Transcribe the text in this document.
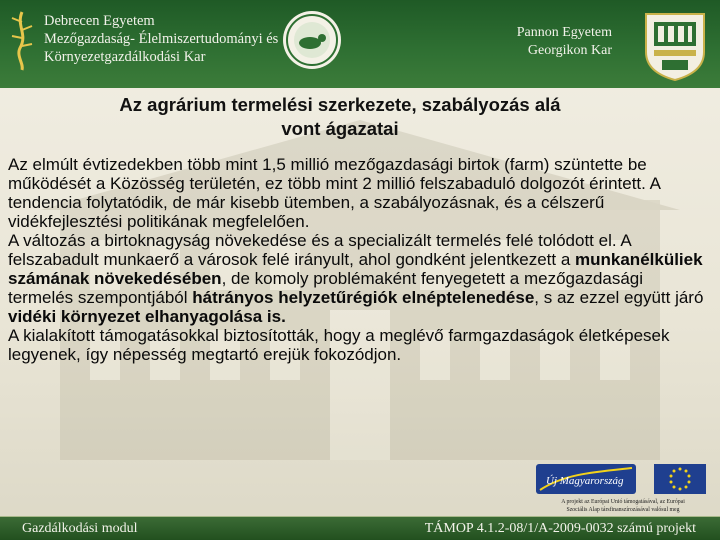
Debrecen Egyetem
Mezőgazdaság- Élelmiszertudományi és
Környezetgazdálkodási Kar
Pannon Egyetem
Georgikon Kar
Az agrárium termelési szerkezete, szabályozás alá
vont ágazatai

Az elmúlt évtizedekben több mint 1,5 millió mezőgazdasági birtok (farm) szüntette be működését a Közösség területén, ez több mint 2 millió felszabaduló dolgozót érintett. A tendencia folytatódik, de már kisebb ütemben, a szabályozásnak, és a célszerű vidékfejlesztési politikának megfelelően.

A változás a birtoknagyság növekedése és a specializált termelés felé tolódott el. A felszabadult munkaerő a városok felé irányult, ahol gondként jelentkezett a munkanélküliek számának növekedésében, de komoly problémaként fenyegetett a mezőgazdasági termelés szempontjából hátrányos helyzetűrégiók elnéptelenedése, s az ezzel együtt járó vidéki környezet elhanyagolása is.

A kialakított támogatásokkal biztosították, hogy a meglévő farmgazdaságok életképesek legyenek, így népesség megtartó erejük fokozódjon.

Új Magyarország
A projekt az Európai Unió támogatásával, az Európai
Szociális Alap társfinanszírozásával valósul meg
Gazdálkodási modul	TÁMOP 4.1.2-08/1/A-2009-0032 számú projekt
